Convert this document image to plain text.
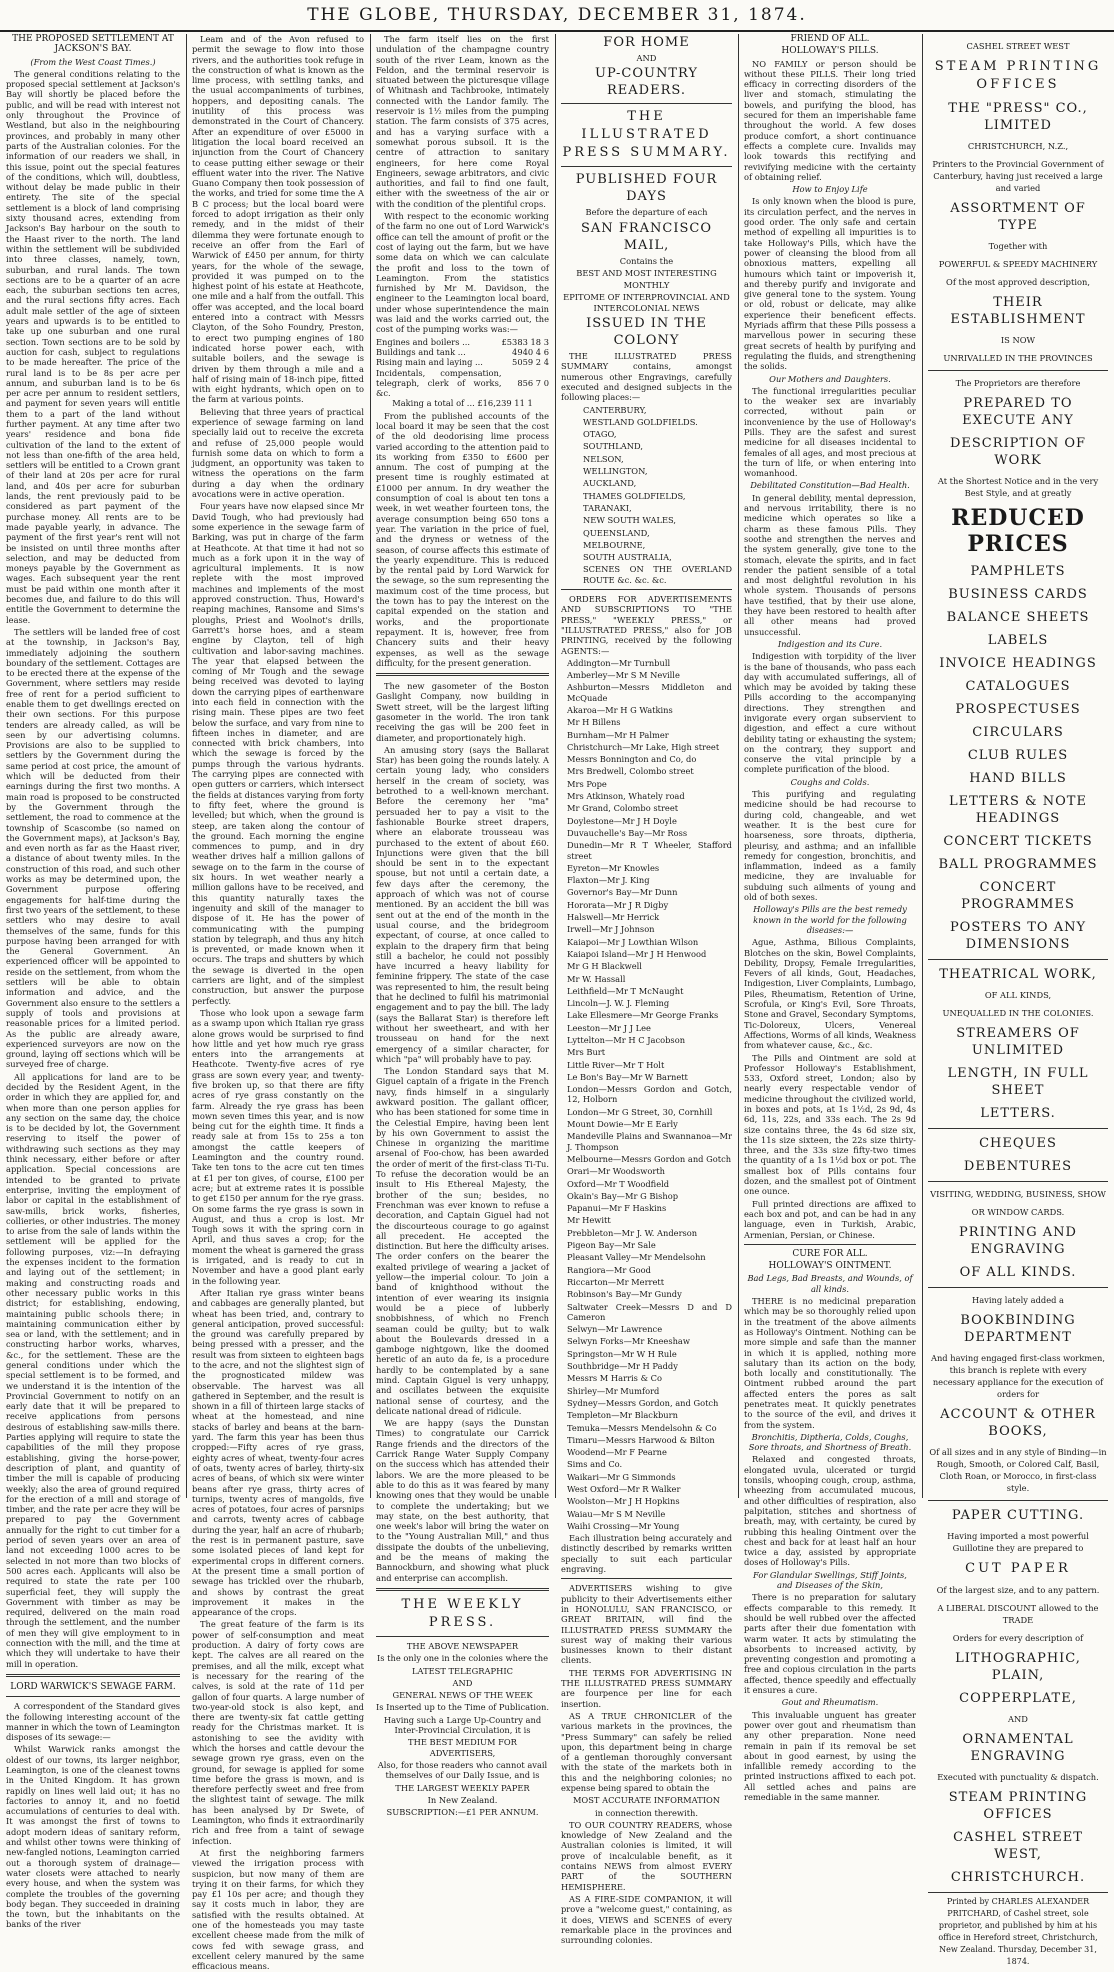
THE GLOBE, THURSDAY, DECEMBER 31, 1874.

THE PROPOSED SETTLEMENT AT JACKSON'S BAY.

(From the West Coast Times.)

The general conditions relating to the proposed special settlement at Jackson's Bay will shortly be placed before the public, and will be read with interest not only throughout the Province of Westland, but also in the neighbouring provinces, and probably in many other parts of the Australian colonies. For the information of our readers we shall, in this issue, point out the special features of the conditions, which will, doubtless, without delay be made public in their entirety. The site of the special settlement is a block of land comprising sixty thousand acres, extending from Jackson's Bay harbour on the south to the Haast river to the north. The land within the settlement will be subdivided into three classes, namely, town, suburban, and rural lands. The town sections are to be a quarter of an acre each, the suburban sections ten acres, and the rural sections fifty acres. Each adult male settler of the age of sixteen years and upwards is to be entitled to take up one suburban and one rural section. Town sections are to be sold by auction for cash, subject to regulations to be made hereafter. The price of the rural land is to be 8s per acre per annum, and suburban land is to be 6s per acre per annum to resident settlers, and payment for seven years will entitle them to a part of the land without further payment. At any time after two years' residence and bona fide cultivation of the land to the extent of not less than one-fifth of the area held, settlers will be entitled to a Crown grant of their land at 20s per acre for rural land, and 40s per acre for suburban lands, the rent previously paid to be considered as part payment of the purchase money. All rents are to be made payable yearly, in advance. The payment of the first year's rent will not be insisted on until three months after selection, and may be deducted from moneys payable by the Government as wages. Each subsequent year the rent must be paid within one month after it becomes due, and failure to do this will entitle the Government to determine the lease.

The settlers will be landed free of cost at the township, in Jackson's Bay, immediately adjoining the southern boundary of the settlement. Cottages are to be erected there at the expense of the Government, where settlers may reside free of rent for a period sufficient to enable them to get dwellings erected on their own sections. For this purpose tenders are already called, as will be seen by our advertising columns. Provisions are also to be supplied to settlers by the Government during the same period at cost price, the amount of which will be deducted from their earnings during the first two months. A main road is proposed to be constructed by the Government through the settlement, the road to commence at the township of Scascombe (so named on the Government maps), at Jackson's Bay, and even north as far as the Haast river, a distance of about twenty miles. In the construction of this road, and such other works as may be determined upon, the Government purpose offering engagements for half-time during the first two years of the settlement, to these settlers who may desire to avail themselves of the same, funds for this purpose having been arranged for with the General Government. An experienced officer will be appointed to reside on the settlement, from whom the settlers will be able to obtain information and advice, and the Government also ensure to the settlers a supply of tools and provisions at reasonable prices for a limited period. As the public are already aware, experienced surveyors are now on the ground, laying off sections which will be surveyed free of charge.

All applications for land are to be decided by the Resident Agent, in the order in which they are applied for, and when more than one person applies for any section on the same day, the choice is to be decided by lot, the Government reserving to itself the power of withdrawing such sections as they may think necessary, either before or after application. Special concessions are intended to be granted to private enterprise, inviting the employment of labor or capital in the establishment of saw-mills, brick works, fisheries, collieries, or other industries. The money to arise from the sale of lands within the settlement will be applied for the following purposes, viz:—In defraying the expenses incident to the formation and laying out of the settlement; in making and constructing roads and other necessary public works in this district; for establishing, endowing, maintaining public schools there; in maintaining communication either by sea or land, with the settlement; and in constructing harbor works, wharves, &c., for the settlement. These are the general conditions under which the special settlement is to be formed, and we understand it is the intention of the Provincial Government to notify on an early date that it will be prepared to receive applications from persons desirous of establishing saw-mills there. Parties applying will require to state the capabilities of the mill they propose establishing, giving the horse-power, description of plant, and quantity of timber the mill is capable of producing weekly; also the area of ground required for the erection of a mill and storage of timber, and the rate per acre they will be prepared to pay the Government annually for the right to cut timber for a period of seven years over an area of land not exceeding 1000 acres to be selected in not more than two blocks of 500 acres each. Applicants will also be required to state the rate per 100 superficial feet, they will supply the Government with timber as may be required, delivered on the main road through the settlement, and the number of men they will give employment to in connection with the mill, and the time at which they will undertake to have their mill in operation.

LORD WARWICK'S SEWAGE FARM.

A correspondent of the Standard gives the following interesting account of the manner in which the town of Leamington disposes of its sewage:—

Whilst Warwick ranks amongst the oldest of our towns, its larger neighbor, Leamington, is one of the cleanest towns in the United Kingdom. It has grown rapidly on lines well laid out; it has no factories to annoy it, and no foetid accumulations of centuries to deal with. It was amongst the first of towns to adopt modern ideas of sanitary reform, and whilst other towns were thinking of new-fangled notions, Leamington carried out a thorough system of drainage—water closets were attached to nearly every house, and when the system was complete the troubles of the governing body began. They succeeded in draining the town, but the inhabitants on the banks of the river

Leam and of the Avon refused to permit the sewage to flow into those rivers, and the authorities took refuge in the construction of what is known as the lime process, with settling tanks, and the usual accompaniments of turbines, hoppers, and depositing canals. The inutility of this process was demonstrated in the Court of Chancery. After an expenditure of over £5000 in litigation the local board received an injunction from the Court of Chancery to cease putting either sewage or their effluent water into the river. The Native Guano Company then took possession of the works, and tried for some time the A B C process; but the local board were forced to adopt irrigation as their only remedy, and in the midst of their dilemma they were fortunate enough to receive an offer from the Earl of Warwick of £450 per annum, for thirty years, for the whole of the sewage, provided it was pumped on to the highest point of his estate at Heathcote, one mile and a half from the outfall. This offer was accepted, and the local board entered into a contract with Messrs Clayton, of the Soho Foundry, Preston, to erect two pumping engines of 180 indicated horse power each, with suitable boilers, and the sewage is driven by them through a mile and a half of rising main of 18-inch pipe, fitted with eight hydrants, which open on to the farm at various points.

Believing that three years of practical experience of sewage farming on land specially laid out to receive the excreta and refuse of 25,000 people would furnish some data on which to form a judgment, an opportunity was taken to witness the operations on the farm during a day when the ordinary avocations were in active operation.

Four years have now elapsed since Mr David Tough, who had previously had some experience in the sewage farm of Barking, was put in charge of the farm at Heathcote. At that time it had not so much as a fork upon it in the way of agricultural implements. It is now replete with the most improved machines and implements of the most approved construction. Thus, Howard's reaping machines, Ransome and Sims's ploughs, Priest and Woolnot's drills, Garrett's horse hoes, and a steam engine by Clayton, tell of high cultivation and labor-saving machines. The year that elapsed between the coming of Mr Tough and the sewage being received was devoted to laying down the carrying pipes of earthenware into each field in connection with the rising main. These pipes are two feet below the surface, and vary from nine to fifteen inches in diameter, and are connected with brick chambers, into which the sewage is forced by the pumps through the various hydrants. The carrying pipes are connected with open gutters or carriers, which intersect the fields at distances varying from forty to fifty feet, where the ground is levelled; but which, when the ground is steep, are taken along the contour of the ground. Each morning the engine commences to pump, and in dry weather drives half a million gallons of sewage on to the farm in the course of six hours. In wet weather nearly a million gallons have to be received, and this quantity naturally taxes the ingenuity and skill of the manager to dispose of it. He has the power of communicating with the pumping station by telegraph, and thus any hitch is prevented, or made known when it occurs. The traps and shutters by which the sewage is diverted in the open carriers are light, and of the simplest construction, but answer the purpose perfectly.

Those who look upon a sewage farm as a swamp upon which Italian rye grass alone grows would be surprised to find how little and yet how much rye grass enters into the arrangements at Heathcote. Twenty-five acres of rye grass are sown every year, and twenty-five broken up, so that there are fifty acres of rye grass constantly on the farm. Already the rye grass has been mown seven times this year, and is now being cut for the eighth time. It finds a ready sale at from 15s to 25s a ton amongst the cattle keepers of Leamington and the country round. Take ten tons to the acre cut ten times at £1 per ton gives, of course, £100 per acre; but at extreme rates it is possible to get £150 per annum for the rye grass. On some farms the rye grass is sown in August, and thus a crop is lost. Mr Tough sows it with the spring corn in April, and thus saves a crop; for the moment the wheat is garnered the grass is irrigated, and is ready to cut in November and have a good plant early in the following year.

After Italian rye grass winter beans and cabbages are generally planted, but wheat has been tried, and, contrary to general anticipation, proved successful: the ground was carefully prepared by being pressed with a presser, and the result was from sixteen to eighteen bags to the acre, and not the slightest sign of the prognosticated mildew was observable. The harvest was all gathered in September, and the result is shown in a fill of thirteen large stacks of wheat at the homestead, and nine stacks of barley and beans at the barn-yard. The farm this year has been thus cropped:—Fifty acres of rye grass, eighty acres of wheat, twenty-four acres of oats, twenty acres of barley, thirty-six acres of beans, of which six were winter beans after rye grass, thirty acres of turnips, twenty acres of mangolds, five acres of potatoes, four acres of parsnips and carrots, twenty acres of cabbage during the year, half an acre of rhubarb; the rest is in permanent pasture, save some isolated pieces of land kept for experimental crops in different corners. At the present time a small portion of sewage has trickled over the rhubarb, and shows by contrast the great improvement it makes in the appearance of the crops.

The great feature of the farm is its power of self-consumption and meat production. A dairy of forty cows are kept. The calves are all reared on the premises, and all the milk, except what is necessary for the rearing of the calves, is sold at the rate of 11d per gallon of four quarts. A large number of two-year-old stock is also kept, and there are twenty-six fat cattle getting ready for the Christmas market. It is astonishing to see the avidity with which the horses and cattle devour the sewage grown rye grass, even on the ground, for sewage is applied for some time before the grass is mown, and is therefore perfectly sweet and free from the slightest taint of sewage. The milk has been analysed by Dr Swete, of Leamington, who finds it extraordinarily rich and free from a taint of sewage infection.

At first the neighboring farmers viewed the irrigation process with suspicion, but now many of them are trying it on their farms, for which they pay £1 10s per acre; and though they say it costs much in labor, they are satisfied with the results obtained. At one of the homesteads you may taste excellent cheese made from the milk of cows fed with sewage grass, and excellent celery manured by the same efficacious means.

The farm itself lies on the first undulation of the champagne country south of the river Leam, known as the Feldon, and the terminal reservoir is situated between the picturesque village of Whitnash and Tachbrooke, intimately connected with the Landor family. The reservoir is 1½ miles from the pumping station. The farm consists of 375 acres, and has a varying surface with a somewhat porous subsoil. It is the centre of attraction to sanitary engineers, for here come Royal Engineers, sewage arbitrators, and civic authorities, and fail to find one fault, either with the sweetness of the air or with the condition of the plentiful crops.

With respect to the economic working of the farm no one out of Lord Warwick's office can tell the amount of profit or the cost of laying out the farm, but we have some data on which we can calculate the profit and loss to the town of Leamington. From the statistics furnished by Mr M. Davidson, the engineer to the Leamington local board, under whose superintendence the main was laid and the works carried out, the cost of the pumping works was:—

Engines and boilers ...	£5383 18 3
Buildings and tank ...	4940 4 6
Rising main and laying ...	5059 2 4
Incidentals, compensation, telegraph, clerk of works, &c.	856 7 0

Making a total of ... £16,239 11 1

From the published accounts of the local board it may be seen that the cost of the old deodorising lime process varied according to the attention paid to its working from £350 to £600 per annum. The cost of pumping at the present time is roughly estimated at £1000 per annum. In dry weather the consumption of coal is about ten tons a week, in wet weather fourteen tons, the average consumption being 650 tons a year. The variation in the price of fuel, and the dryness or wetness of the season, of course affects this estimate of the yearly expenditure. This is reduced by the rental paid by Lord Warwick for the sewage, so the sum representing the maximum cost of the time process, but the town has to pay the interest on the capital expended on the station and works, and the proportionate repayment. It is, however, free from Chancery suits and their heavy expenses, as well as the sewage difficulty, for the present generation.

The new gasometer of the Boston Gaslight Company, now building in Swett street, will be the largest lifting gasometer in the world. The iron tank receiving the gas will be 200 feet in diameter, and proportionately high.

An amusing story (says the Ballarat Star) has been going the rounds lately. A certain young lady, who considers herself in the cream of society, was betrothed to a well-known merchant. Before the ceremony her "ma" persuaded her to pay a visit to the fashionable Bourke street drapers, where an elaborate trousseau was purchased to the extent of about £60. Injunctions were given that the bill should be sent in to the expectant spouse, but not until a certain date, a few days after the ceremony, the approach of which was not of course mentioned. By an accident the bill was sent out at the end of the month in the usual course, and the bridegroom expectant, of course, at once called to explain to the drapery firm that being still a bachelor, he could not possibly have incurred a heavy liability for feminine frippery. The state of the case was represented to him, the result being that he declined to fulfil his matrimonial engagement and to pay the bill. The lady (says the Ballarat Star) is therefore left without her sweetheart, and with her trousseau on hand for the next emergency of a similar character, for which "pa" will probably have to pay.

The London Standard says that M. Giguel captain of a frigate in the French navy, finds himself in a singularly awkward position. The gallant officer, who has been stationed for some time in the Celestial Empire, having been lent by his own Government to assist the Chinese in organizing the maritime arsenal of Foo-chow, has been awarded the order of merit of the first-class Ti-Tu. To refuse the decoration would be an insult to His Ethereal Majesty, the brother of the sun; besides, no Frenchman was ever known to refuse a decoration, and Captain Giguel had not the discourteous courage to go against all precedent. He accepted the distinction. But here the difficulty arises. The order confers on the bearer the exalted privilege of wearing a jacket of yellow—the imperial colour. To join a band of knighthood without the intention of ever wearing its insignia would be a piece of lubberly snobbishness, of which no French seaman could be guilty; but to walk about the Boulevards dressed in a gamboge nightgown, like the doomed heretic of an auto da fe, is a procedure hardly to be contemplated by a sane mind. Captain Giguel is very unhappy, and oscillates between the exquisite national sense of courtesy, and the delicate national dread of ridicule.

We are happy (says the Dunstan Times) to congratulate our Carrick Range friends and the directors of the Carrick Range Water Supply Company on the success which has attended their labors. We are the more pleased to be able to do this as it was feared by many knowing ones that they would be unable to complete the undertaking; but we may state, on the best authority, that one week's labor will bring the water on to the "Young Australian Mill," and thus dissipate the doubts of the unbelieving, and be the means of making the Bannockburn, and showing what pluck and enterprise can accomplish.

THE WEEKLY PRESS.

THE ABOVE NEWSPAPER

Is the only one in the colonies where the

LATEST TELEGRAPHIC

AND

GENERAL NEWS OF THE WEEK

Is Inserted up to the Time of Publication.

Having such a Large Up-Country and Inter-Provincial Circulation, it is

THE BEST MEDIUM FOR ADVERTISERS,

Also, for those readers who cannot avail themselves of our Daily Issue, and is

THE LARGEST WEEKLY PAPER

In New Zealand.

SUBSCRIPTION:—£1 PER ANNUM.

FOR HOME

AND

UP-COUNTRY READERS.

THE ILLUSTRATED PRESS SUMMARY.

PUBLISHED FOUR DAYS

Before the departure of each

SAN FRANCISCO MAIL,

Contains the

BEST AND MOST INTERESTING

MONTHLY

EPITOME OF INTERPROVINCIAL AND INTERCOLONIAL NEWS

ISSUED IN THE COLONY

THE ILLUSTRATED PRESS SUMMARY contains, amongst numerous other Engravings, carefully executed and designed subjects in the following places:—

CANTERBURY,

WESTLAND GOLDFIELDS.

OTAGO,

SOUTHLAND,

NELSON,

WELLINGTON,

AUCKLAND,

THAMES GOLDFIELDS,

TARANAKI,

NEW SOUTH WALES,

QUEENSLAND,

MELBOURNE,

SOUTH AUSTRALIA,

SCENES ON THE OVERLAND ROUTE &c. &c. &c.

ORDERS FOR ADVERTISEMENTS AND SUBSCRIPTIONS TO "THE PRESS," "WEEKLY PRESS," or "ILLUSTRATED PRESS," also for JOB PRINTING, received by the following AGENTS:—

Addington—Mr Turnbull

Amberley—Mr S M Neville

Ashburton—Messrs Middleton and McQuade

Akaroa—Mr H G Watkins

Mr H Billens

Burnham—Mr H Palmer

Christchurch—Mr Lake, High street

Messrs Bonnington and Co, do

Mrs Bredwell, Colombo street

Mrs Pope

Mrs Atkinson, Whately road

Mr Grand, Colombo street

Doylestone—Mr J H Doyle

Duvauchelle's Bay—Mr Ross

Dunedin—Mr R T Wheeler, Stafford street

Eyreton—Mr Knowles

Flaxton—Mr J. King

Governor's Bay—Mr Dunn

Hororata—Mr J R Digby

Halswell—Mr Herrick

Irwell—Mr J Johnson

Kaiapoi—Mr J Lowthian Wilson

Kaiapoi Island—Mr J H Henwood

Mr G H Blackwell

Mr W. Hassall

Leithfield—Mr T McNaught

Lincoln—J. W. J. Fleming

Lake Ellesmere—Mr George Franks

Leeston—Mr J J Lee

Lyttelton—Mr H C Jacobson

Mrs Burt

Little River—Mr T Holt

Le Bon's Bay—Mr W Barnett

London—Messrs Gordon and Gotch, 12, Holborn

London—Mr G Street, 30, Cornhill

Mount Dowie—Mr E Early

Mandeville Plains and Swannanoa—Mr J. Thompson

Melbourne—Messrs Gordon and Gotch

Orari—Mr Woodsworth

Oxford—Mr T Woodfield

Okain's Bay—Mr G Bishop

Papanui—Mr F Haskins

Mr Hewitt

Prebbleton—Mr J. W. Anderson

Pigeon Bay—Mr Sale

Pleasant Valley—Mr Mendelsohn

Rangiora—Mr Good

Riccarton—Mr Merrett

Robinson's Bay—Mr Gundy

Saltwater Creek—Messrs D and D Cameron

Selwyn—Mr Lawrence

Selwyn Forks—Mr Kneeshaw

Springston—Mr W H Rule

Southbridge—Mr H Paddy

Messrs M Harris & Co

Shirley—Mr Mumford

Sydney—Messrs Gordon, and Gotch

Templeton—Mr Blackburn

Temuka—Messrs Mendelsohn & Co

Timaru—Messrs Harwood & Bilton

Woodend—Mr F Pearne

Sims and Co.

Waikari—Mr G Simmonds

West Oxford—Mr R Walker

Woolston—Mr J H Hopkins

Waiau—Mr S M Neville

Waihi Crossing—Mr Young

Each illustration being accurately and distinctly described by remarks written specially to suit each particular engraving.

ADVERTISERS wishing to give publicity to their Advertisements either in HONOLULU, SAN FRANCISCO, or GREAT BRITAIN, will find the ILLUSTRATED PRESS SUMMARY the surest way of making their various businesses known to their distant clients.

THE TERMS FOR ADVERTISING IN THE ILLUSTRATED PRESS SUMMARY are fourpence per line for each insertion.

AS A TRUE CHRONICLER of the various markets in the provinces, the "Press Summary" can safely be relied upon, this department being in charge of a gentleman thoroughly conversant with the state of the markets both in this and the neighboring colonies; no expense being spared to obtain the

MOST ACCURATE INFORMATION

in connection therewith.

TO OUR COUNTRY READERS, whose knowledge of New Zealand and the Australian colonies is limited, it will prove of incalculable benefit, as it contains NEWS from almost EVERY PART of the SOUTHERN HEMISPHERE.

AS A FIRE-SIDE COMPANION, it will prove a "welcome guest," containing, as it does, VIEWS and SCENES of every remarkable place in the provinces and surrounding colonies.

FRIEND OF ALL.

HOLLOWAY'S PILLS.

NO FAMILY or person should be without these PILLS. Their long tried efficacy in correcting disorders of the liver and stomach, stimulating the bowels, and purifying the blood, has secured for them an imperishable fame throughout the world. A few doses produce comfort, a short continuance effects a complete cure. Invalids may look towards this rectifying and revivifying medicine with the certainty of obtaining relief.

How to Enjoy Life

Is only known when the blood is pure, its circulation perfect, and the nerves in good order. The only safe and certain method of expelling all impurities is to take Holloway's Pills, which have the power of cleansing the blood from all obnoxious matters, expelling all humours which taint or impoverish it, and thereby purify and invigorate and give general tone to the system. Young or old, robust or delicate, may alike experience their beneficent effects. Myriads affirm that these Pills possess a marvellous power in securing these great secrets of health by purifying and regulating the fluids, and strengthening the solids.

Our Mothers and Daughters.

The functional irregularities peculiar to the weaker sex are invariably corrected, without pain or inconvenience by the use of Holloway's Pills. They are the safest and surest medicine for all diseases incidental to females of all ages, and most precious at the turn of life, or when entering into womanhood.

Debilitated Constitution—Bad Health.

In general debility, mental depression, and nervous irritability, there is no medicine which operates so like a charm as these famous Pills. They soothe and strengthen the nerves and the system generally, give tone to the stomach, elevate the spirits, and in fact render the patient sensible of a total and most delightful revolution in his whole system. Thousands of persons have testified, that by their use alone, they have been restored to health after all other means had proved unsuccessful.

Indigestion and its Cure.

Indigestion with torpidity of the liver is the bane of thousands, who pass each day with accumulated sufferings, all of which may be avoided by taking these Pills according to the accompanying directions. They strengthen and invigorate every organ subservient to digestion, and effect a cure without debility tating or exhausting the system; on the contrary, they support and conserve the vital principle by a complete purification of the blood.

Coughs and Colds.

This purifying and regulating medicine should be had recourse to during cold, changeable, and wet weather. It is the best cure for hoarseness, sore throats, diptheria, pleurisy, and asthma; and an infallible remedy for congestion, bronchitis, and inflammation, indeed as a family medicine, they are invaluable for subduing such ailments of young and old of both sexes.

Holloway's Pills are the best remedy known in the world for the following diseases:—

Ague, Asthma, Bilious Complaints, Blotches on the skin, Bowel Complaints, Debility, Dropsy, Female Irregularities, Fevers of all kinds, Gout, Headaches, Indigestion, Liver Complaints, Lumbago, Piles, Rheumatism, Retention of Urine, Scrofula, or King's Evil, Sore Throats, Stone and Gravel, Secondary Symptoms, Tic-Doloreux, Ulcers, Venereal Affections, Worms of all kinds, Weakness from whatever cause, &c., &c.

The Pills and Ointment are sold at Professor Holloway's Establishment, 533, Oxford street, London; also by nearly every respectable vendor of medicine throughout the civilized world, in boxes and pots, at 1s 1½d, 2s 9d, 4s 6d, 11s, 22s, and 33s each. The 2s 9d size contains three, the 4s 6d size six, the 11s size sixteen, the 22s size thirty-three, and the 33s size fifty-two times the quantity of a 1s 1½d box or pot. The smallest box of Pills contains four dozen, and the smallest pot of Ointment one ounce.

Full printed directions are affixed to each box and pot, and can be had in any language, even in Turkish, Arabic, Armenian, Persian, or Chinese.

CURE FOR ALL.

HOLLOWAY'S OINTMENT.

Bad Legs, Bad Breasts, and Wounds, of all kinds.

THERE is no medicinal preparation which may be so thoroughly relied upon in the treatment of the above ailments as Holloway's Ointment. Nothing can be more simple and safe than the manner in which it is applied, nothing more salutary than its action on the body, both locally and constitutionally. The Ointment rubbed around the part affected enters the pores as salt penetrates meat. It quickly penetrates to the source of the evil, and drives it from the system.

Bronchitis, Diptheria, Colds, Coughs, Sore throats, and Shortness of Breath.

Relaxed and congested throats, elongated uvula, ulcerated or turgid tonsils, whooping cough, croup, asthma, wheezing from accumulated mucous, and other difficulties of respiration, also palpitation, stitches and shortness of breath, may, with certainty, be cured by rubbing this healing Ointment over the chest and back for at least half an hour twice a day, assisted by appropriate doses of Holloway's Pills.

For Glandular Swellings, Stiff Joints, and Diseases of the Skin,

There is no preparation for salutary effects comparable to this remedy. It should be well rubbed over the affected parts after their due fomentation with warm water. It acts by stimulating the absorbents to increased activity, by preventing congestion and promoting a free and copious circulation in the parts affected, thence speedily and effectually it ensures a cure.

Gout and Rheumatism.

This invaluable unguent has greater power over gout and rheumatism than any other preparation. None need remain in pain if its removal be set about in good earnest, by using the infallible remedy according to the printed instructions affixed to each pot. All settled aches and pains are remediable in the same manner.

CASHEL STREET WEST
STEAM PRINTING OFFICES
THE "PRESS" CO., LIMITED
CHRISTCHURCH, N.Z.,
Printers to the Provincial Government of Canterbury, having just received a large and varied
ASSORTMENT OF TYPE
Together with
POWERFUL & SPEEDY MACHINERY
Of the most approved description,
THEIR ESTABLISHMENT
IS NOW
UNRIVALLED IN THE PROVINCES
The Proprietors are therefore
PREPARED TO EXECUTE ANY
DESCRIPTION OF WORK
At the Shortest Notice and in the very Best Style, and at greatly
REDUCED PRICES
PAMPHLETS
BUSINESS CARDS
BALANCE SHEETS
LABELS
INVOICE HEADINGS
CATALOGUES
PROSPECTUSES
CIRCULARS
CLUB RULES
HAND BILLS
LETTERS & NOTE HEADINGS
CONCERT TICKETS
BALL PROGRAMMES
CONCERT PROGRAMMES
POSTERS TO ANY DIMENSIONS
THEATRICAL WORK,
OF ALL KINDS,
UNEQUALLED IN THE COLONIES.
STREAMERS OF UNLIMITED
LENGTH, IN FULL SHEET
LETTERS.
CHEQUES
DEBENTURES
VISITING, WEDDING, BUSINESS, SHOW
OR WINDOW CARDS.
PRINTING AND ENGRAVING
OF ALL KINDS.
Having lately added a
BOOKBINDING DEPARTMENT
And having engaged first-class workmen, this branch is replete with every necessary appliance for the execution of orders for
ACCOUNT & OTHER BOOKS,
Of all sizes and in any style of Binding—in Rough, Smooth, or Colored Calf, Basil, Cloth Roan, or Morocco, in first-class style.
PAPER CUTTING.
Having imported a most powerful Guillotine they are prepared to
CUT PAPER
Of the largest size, and to any pattern.
A LIBERAL DISCOUNT allowed to the TRADE
Orders for every description of
LITHOGRAPHIC, PLAIN,
COPPERPLATE,
AND
ORNAMENTAL ENGRAVING
Executed with punctuality & dispatch.
STEAM PRINTING OFFICES
CASHEL STREET WEST,
CHRISTCHURCH.
Printed by CHARLES ALEXANDER PRITCHARD, of Cashel street, sole proprietor, and published by him at his office in Hereford street, Christchurch, New Zealand. Thursday, December 31, 1874.
